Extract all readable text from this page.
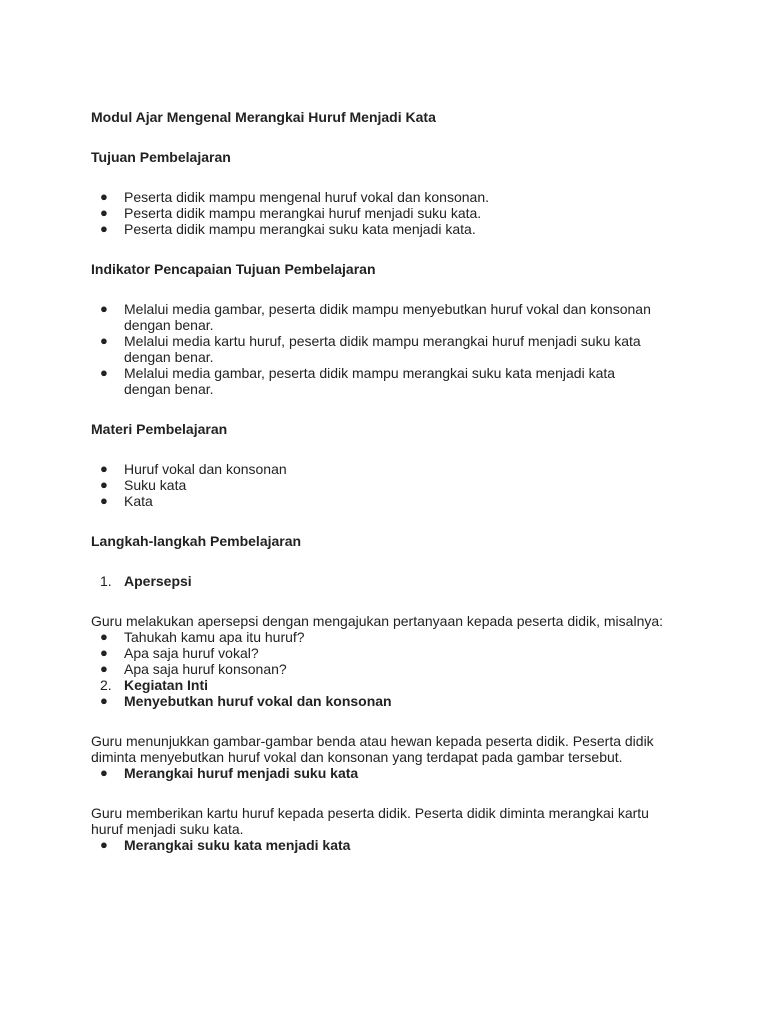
Modul Ajar Mengenal Merangkai Huruf Menjadi Kata

Tujuan Pembelajaran

●	Peserta didik mampu mengenal huruf vokal dan konsonan.
●	Peserta didik mampu merangkai huruf menjadi suku kata.
●	Peserta didik mampu merangkai suku kata menjadi kata.

Indikator Pencapaian Tujuan Pembelajaran

●	Melalui media gambar, peserta didik mampu menyebutkan huruf vokal dan konsonan
dengan benar.
●	Melalui media kartu huruf, peserta didik mampu merangkai huruf menjadi suku kata
dengan benar.
●	Melalui media gambar, peserta didik mampu merangkai suku kata menjadi kata
dengan benar.

Materi Pembelajaran

●	Huruf vokal dan konsonan
●	Suku kata
●	Kata

Langkah-langkah Pembelajaran

1. Apersepsi

Guru melakukan apersepsi dengan mengajukan pertanyaan kepada peserta didik, misalnya:

●	Tahukah kamu apa itu huruf?
●	Apa saja huruf vokal?
●	Apa saja huruf konsonan?
2. Kegiatan Inti
●	Menyebutkan huruf vokal dan konsonan

Guru menunjukkan gambar-gambar benda atau hewan kepada peserta didik. Peserta didik
diminta menyebutkan huruf vokal dan konsonan yang terdapat pada gambar tersebut.

●	Merangkai huruf menjadi suku kata

Guru memberikan kartu huruf kepada peserta didik. Peserta didik diminta merangkai kartu
huruf menjadi suku kata.

●	Merangkai suku kata menjadi kata
